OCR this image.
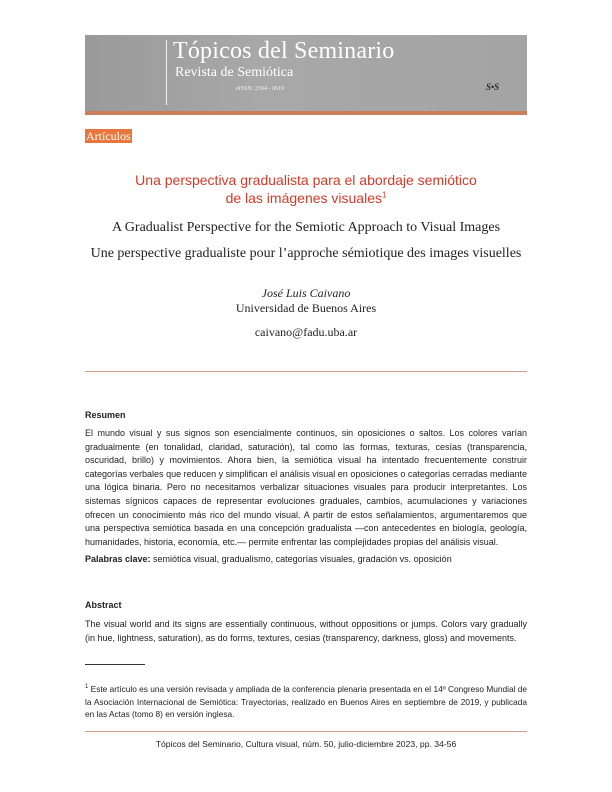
Tópicos del Seminario
Revista de Semiótica
eISSN: 2594 - 0619	S•S
Artículos
Una perspectiva gradualista para el abordaje semiótico
de las imágenes visuales$^1$
A Gradualist Perspective for the Semiotic Approach to Visual Images
Une perspective gradualiste pour l’approche sémiotique des images visuelles
José Luis Caivano
Universidad de Buenos Aires
caivano@fadu.uba.ar
Resumen
El mundo visual y sus signos son esencialmente continuos, sin oposiciones o saltos. Los colores varían gradualmente (en tonalidad, claridad, saturación), tal como las formas, texturas, cesías (transparencia, oscuridad, brillo) y movimientos. Ahora bien, la semiótica visual ha intentado frecuentemente construir categorías verbales que reducen y simplifican el análisis visual en oposiciones o categorías cerradas mediante una lógica binaria. Pero no necesitamos verbalizar situaciones visuales para producir interpretantes. Los sistemas sígnicos capaces de representar evoluciones graduales, cambios, acumulaciones y variaciones ofrecen un conocimiento más rico del mundo visual. A partir de estos señalamientos, argumentaremos que una perspectiva semiótica basada en una concepción gradualista —con antecedentes en biología, geología, humanidades, historia, economía, etc.— permite enfrentar las complejidades propias del análisis visual.
Palabras clave: semiótica visual, gradualismo, categorías visuales, gradación vs. oposición
Abstract
The visual world and its signs are essentially continuous, without oppositions or jumps. Colors vary gradually (in hue, lightness, saturation), as do forms, textures, cesias (transparency, darkness, gloss) and movements.
$^1$ Este artículo es una versión revisada y ampliada de la conferencia plenaria presentada en el 14º Congreso Mundial de la Asociación Internacional de Semiótica: Trayectorias, realizado en Buenos Aires en septiembre de 2019, y publicada en las Actas (tomo 8) en versión inglesa.
Tópicos del Seminario, Cultura visual, núm. 50, julio-diciembre 2023, pp. 34-56
